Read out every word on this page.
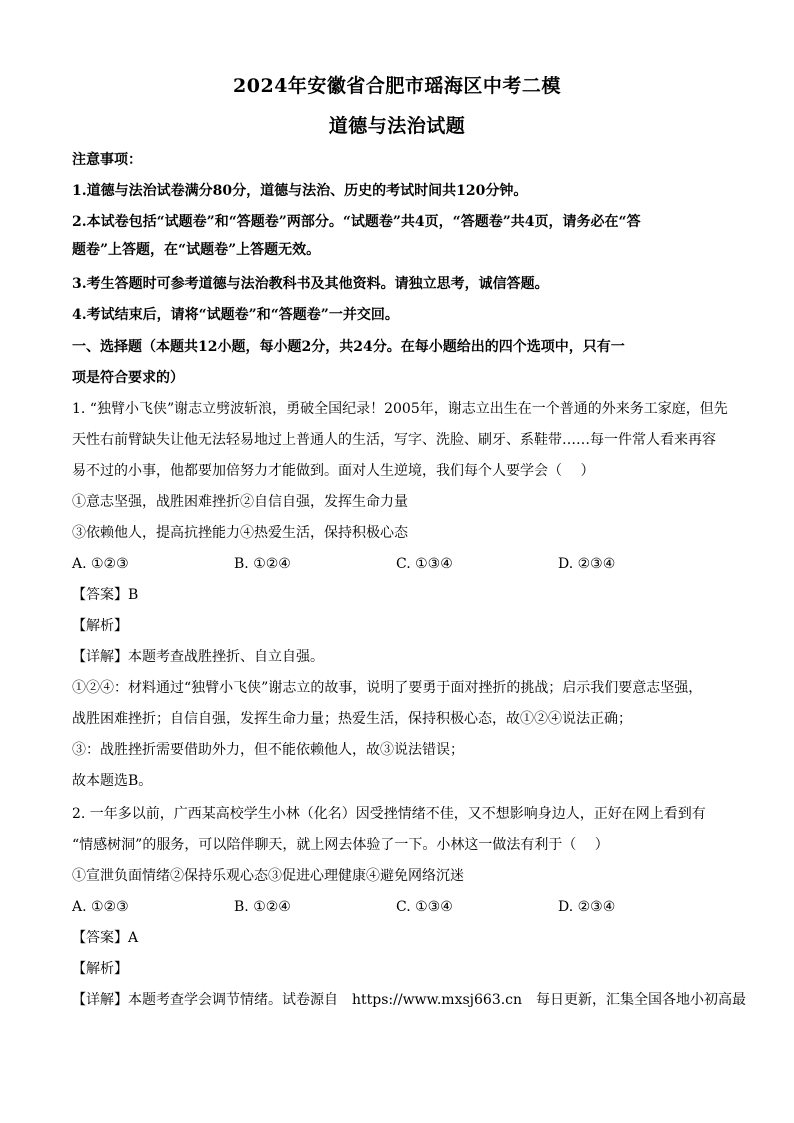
2024年安徽省合肥市瑶海区中考二模
道德与法治试题
注意事项：
1.道德与法治试卷满分80分，道德与法治、历史的考试时间共120分钟。
2.本试卷包括“试题卷”和“答题卷”两部分。“试题卷”共4页，“答题卷”共4页，请务必在“答
题卷”上答题，在“试题卷”上答题无效。
3.考生答题时可参考道德与法治教科书及其他资料。请独立思考，诚信答题。
4.考试结束后，请将“试题卷”和“答题卷”一并交回。
一、选择题（本题共12小题，每小题2分，共24分。在每小题给出的四个选项中，只有一
项是符合要求的）
1. “独臂小飞侠”谢志立劈波斩浪，勇破全国纪录！2005年，谢志立出生在一个普通的外来务工家庭，但先
天性右前臂缺失让他无法轻易地过上普通人的生活，写字、洗脸、刷牙、系鞋带……每一件常人看来再容
易不过的小事，他都要加倍努力才能做到。面对人生逆境，我们每个人要学会（　 ）
①意志坚强，战胜困难挫折②自信自强，发挥生命力量
③依赖他人，提高抗挫能力④热爱生活，保持积极心态
A. ①②③	B. ①②④	C. ①③④	D. ②③④
【答案】B
【解析】
【详解】本题考查战胜挫折、自立自强。
①②④：材料通过“独臂小飞侠”谢志立的故事，说明了要勇于面对挫折的挑战；启示我们要意志坚强，
战胜困难挫折；自信自强，发挥生命力量；热爱生活，保持积极心态，故①②④说法正确；
③：战胜挫折需要借助外力，但不能依赖他人，故③说法错误；
故本题选B。
2. 一年多以前，广西某高校学生小林（化名）因受挫情绪不佳，又不想影响身边人，正好在网上看到有
“情感树洞”的服务，可以陪伴聊天，就上网去体验了一下。小林这一做法有利于（　 ）
①宣泄负面情绪②保持乐观心态③促进心理健康④避免网络沉迷
A. ①②③	B. ①②④	C. ①③④	D. ②③④
【答案】A
【解析】
【详解】本题考查学会调节情绪。试卷源自　https://www.mxsj663.cn　每日更新，汇集全国各地小初高最
